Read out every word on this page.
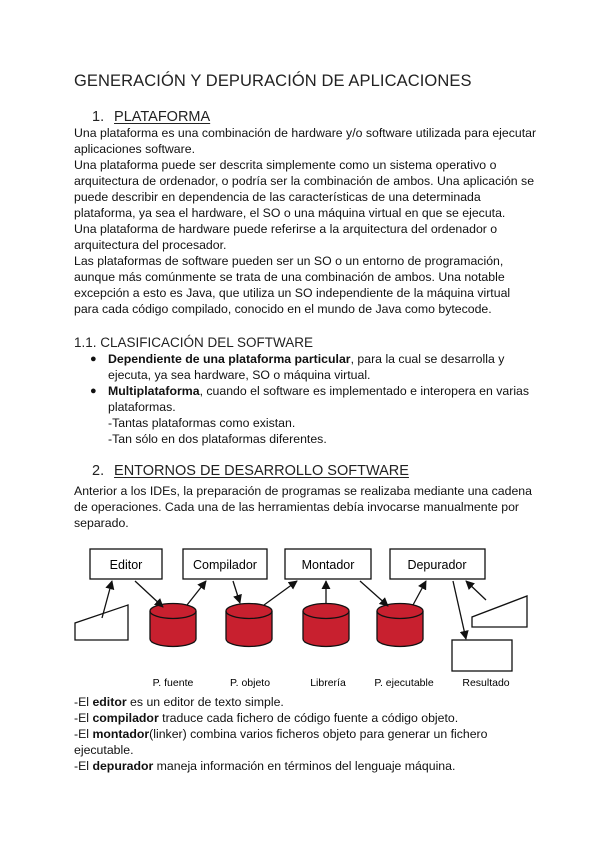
GENERACIÓN Y DEPURACIÓN DE APLICACIONES
1. PLATAFORMA
Una plataforma es una combinación de hardware y/o software utilizada para ejecutar
aplicaciones software.
Una plataforma puede ser descrita simplemente como un sistema operativo o
arquitectura de ordenador, o podría ser la combinación de ambos. Una aplicación se
puede describir en dependencia de las características de una determinada
plataforma, ya sea el hardware, el SO o una máquina virtual en que se ejecuta.
Una plataforma de hardware puede referirse a la arquitectura del ordenador o
arquitectura del procesador.
Las plataformas de software pueden ser un SO o un entorno de programación,
aunque más comúnmente se trata de una combinación de ambos. Una notable
excepción a esto es Java, que utiliza un SO independiente de la máquina virtual
para cada código compilado, conocido en el mundo de Java como bytecode.
1.1. CLASIFICACIÓN DEL SOFTWARE
● Dependiente de una plataforma particular, para la cual se desarrolla y
ejecuta, ya sea hardware, SO o máquina virtual.
● Multiplataforma, cuando el software es implementado e interopera en varias
plataformas.
-Tantas plataformas como existan.
-Tan sólo en dos plataformas diferentes.
2. ENTORNOS DE DESARROLLO SOFTWARE
Anterior a los IDEs, la preparación de programas se realizaba mediante una cadena
de operaciones. Cada una de las herramientas debía invocarse manualmente por
separado.
Editor	Compilador	Montador	Depurador
P. fuente	P. objeto	Librería	P. ejecutable	Resultado
-El editor es un editor de texto simple.
-El compilador traduce cada fichero de código fuente a código objeto.
-El montador(linker) combina varios ficheros objeto para generar un fichero
ejecutable.
-El depurador maneja información en términos del lenguaje máquina.
